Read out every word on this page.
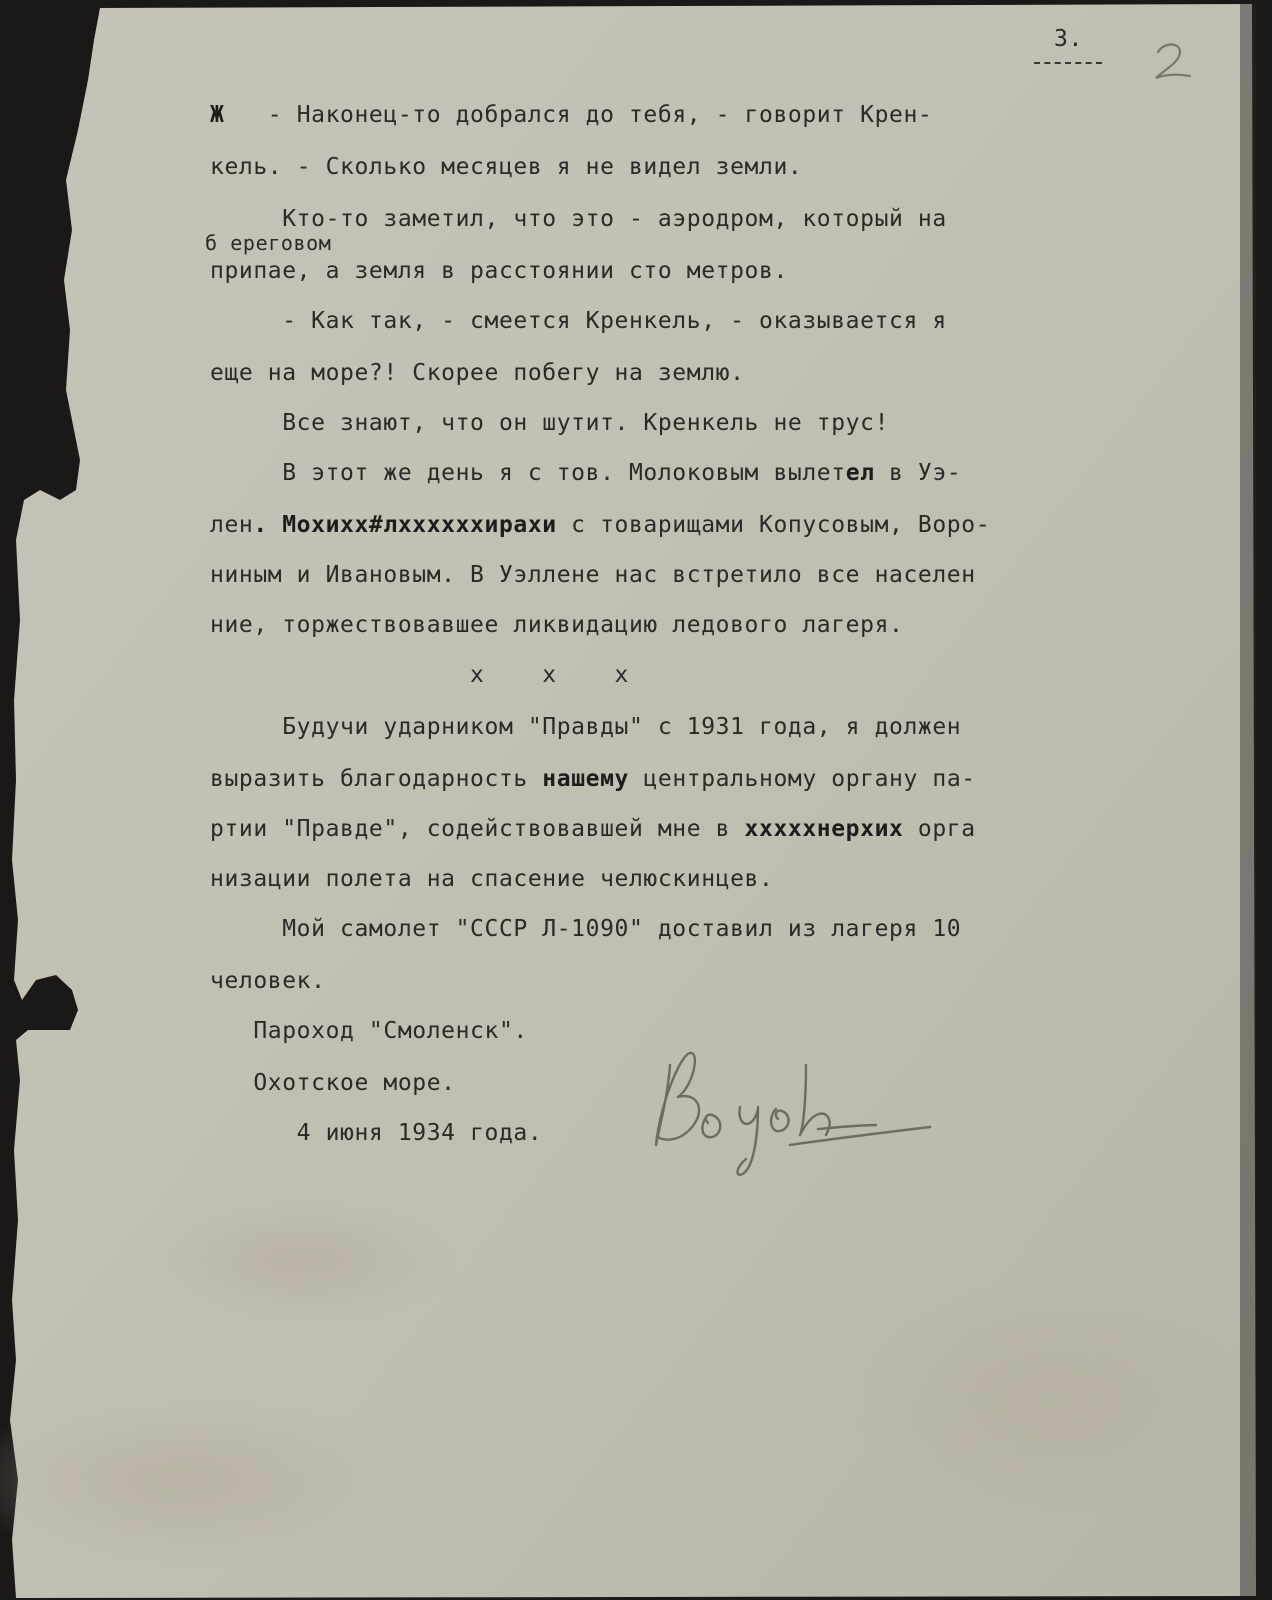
3.
Ж   - Наконец-то добрался до тебя, - говорит Крен-
кель. - Сколько месяцев я не видел земли.
Кто-то заметил, что это - аэродром, который на
б ереговом
припае, а земля в расстоянии сто метров.
- Как так, - смеется Кренкель, - оказывается я
еще на море?! Скорее побегу на землю.
Все знают, что он шутит. Кренкель не трус!
В этот же день я с тов. Молоковым вылетел в Уэ-
лен. Мохихх#лххххххирахи с товарищами Копусовым, Воро-
ниным и Ивановым. В Уэллене нас встретило все населен
ние, торжествовавшее ликвидацию ледового лагеря.
x    x    x
Будучи ударником "Правды" с 1931 года, я должен
выразить благодарность нашему центральному органу па-
ртии "Правде", содействовавшей мне в хххххнерхих орга
низации полета на спасение челюскинцев.
Мой самолет "СССР Л-1090" доставил из лагеря 10
человек.
Пароход "Смоленск".
Охотское море.
4 июня 1934 года.
